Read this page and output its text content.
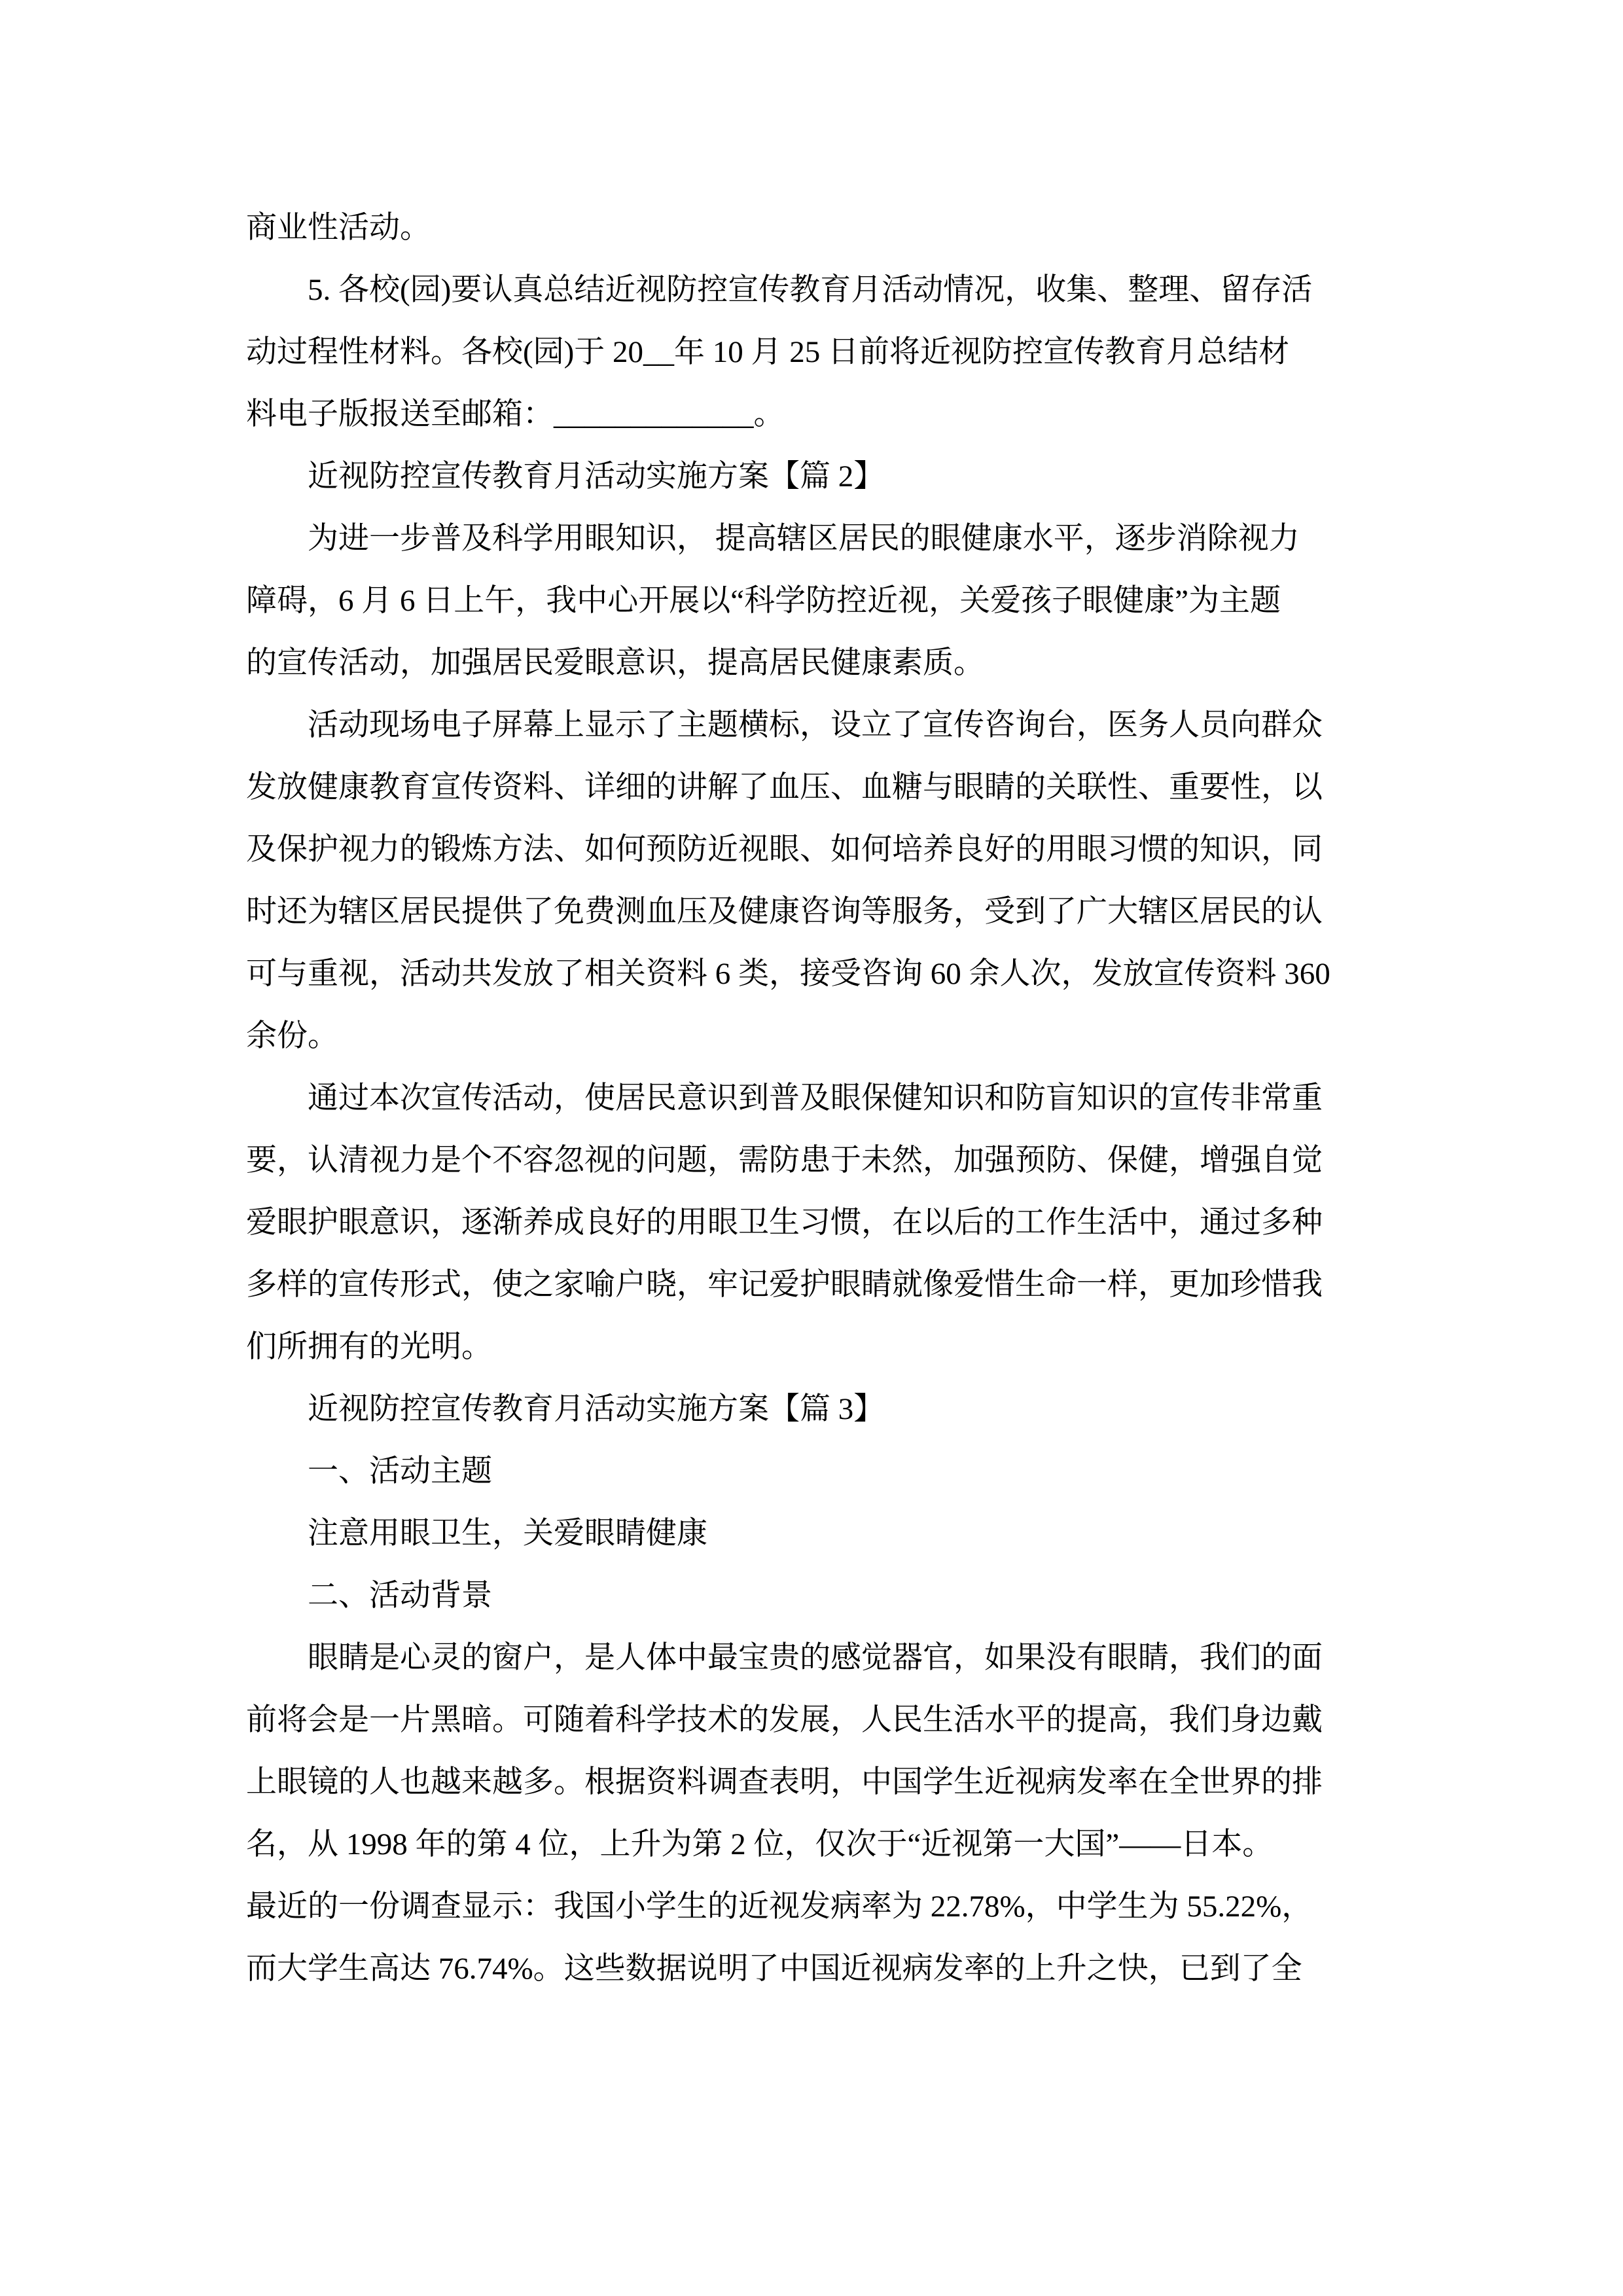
商业性活动。
　　5. 各校(园)要认真总结近视防控宣传教育月活动情况，收集、整理、留存活
动过程性材料。各校(园)于 20__年 10 月 25 日前将近视防控宣传教育月总结材
料电子版报送至邮箱：_____________。
　　近视防控宣传教育月活动实施方案【篇 2】
　　为进一步普及科学用眼知识， 提高辖区居民的眼健康水平，逐步消除视力
障碍，6 月 6 日上午，我中心开展以“科学防控近视，关爱孩子眼健康”为主题
的宣传活动，加强居民爱眼意识，提高居民健康素质。
　　活动现场电子屏幕上显示了主题横标，设立了宣传咨询台，医务人员向群众
发放健康教育宣传资料、详细的讲解了血压、血糖与眼睛的关联性、重要性，以
及保护视力的锻炼方法、如何预防近视眼、如何培养良好的用眼习惯的知识，同
时还为辖区居民提供了免费测血压及健康咨询等服务，受到了广大辖区居民的认
可与重视，活动共发放了相关资料 6 类，接受咨询 60 余人次，发放宣传资料 360
余份。
　　通过本次宣传活动，使居民意识到普及眼保健知识和防盲知识的宣传非常重
要，认清视力是个不容忽视的问题，需防患于未然，加强预防、保健，增强自觉
爱眼护眼意识，逐渐养成良好的用眼卫生习惯，在以后的工作生活中，通过多种
多样的宣传形式，使之家喻户晓，牢记爱护眼睛就像爱惜生命一样，更加珍惜我
们所拥有的光明。
　　近视防控宣传教育月活动实施方案【篇 3】
　　一、活动主题
　　注意用眼卫生，关爱眼睛健康
　　二、活动背景
　　眼睛是心灵的窗户，是人体中最宝贵的感觉器官，如果没有眼睛，我们的面
前将会是一片黑暗。可随着科学技术的发展，人民生活水平的提高，我们身边戴
上眼镜的人也越来越多。根据资料调查表明，中国学生近视病发率在全世界的排
名，从 1998 年的第 4 位，上升为第 2 位，仅次于“近视第一大国”——日本。
最近的一份调查显示：我国小学生的近视发病率为 22.78%，中学生为 55.22%，
而大学生高达 76.74%。这些数据说明了中国近视病发率的上升之快，已到了全
